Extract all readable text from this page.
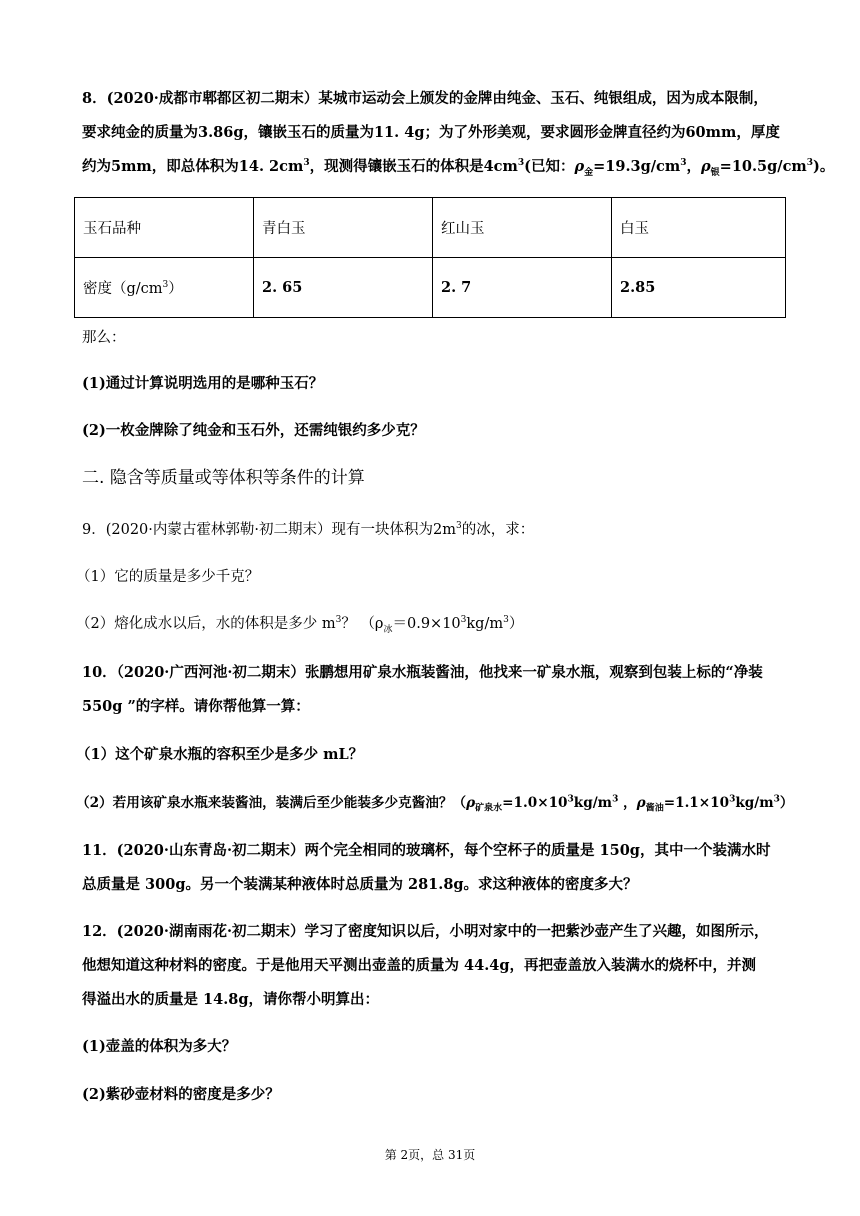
8．(2020·成都市郫都区初二期末）某城市运动会上颁发的金牌由纯金、玉石、纯银组成，因为成本限制，
要求纯金的质量为3.86g，镶嵌玉石的质量为11. 4g；为了外形美观，要求圆形金牌直径约为60mm，厚度
约为5mm，即总体积为14. $2cm^3$，现测得镶嵌玉石的体积是$4cm^3$(已知：$\rho_金=19.3g/cm^3$，$\rho_银=10.5g/cm^3$)。
玉石品种	青白玉	红山玉	白玉
密度$(g/cm^3)$	2. 65	2. 7	2.85
那么：
(1)通过计算说明选用的是哪种玉石？
(2)一枚金牌除了纯金和玉石外，还需纯银约多少克？
二. 隐含等质量或等体积等条件的计算
9．(2020·内蒙古霍林郭勒·初二期末）现有一块体积为$2m^3$的冰，求：
（1）它的质量是多少千克？
（2）熔化成水以后，水的体积是多少 $m^3$？ $(\rho_冰=0.9\times 10^3kg/m^3)$
10．（2020·广西河池·初二期末）张鹏想用矿泉水瓶装酱油，他找来一矿泉水瓶，观察到包装上标的“净装
550g ”的字样。请你帮他算一算：
（1）这个矿泉水瓶的容积至少是多少 mL？
（2）若用该矿泉水瓶来装酱油，装满后至少能装多少克酱油？（$\rho_{矿泉水}=1.0\times 10^3kg/m^3$ ，$\rho_{酱油}=1.1\times 10^3kg/m^3$）
11．(2020·山东青岛·初二期末）两个完全相同的玻璃杯，每个空杯子的质量是 150g，其中一个装满水时
总质量是 300g。另一个装满某种液体时总质量为 281.8g。求这种液体的密度多大？
12．(2020·湖南雨花·初二期末）学习了密度知识以后，小明对家中的一把紫沙壶产生了兴趣，如图所示，
他想知道这种材料的密度。于是他用天平测出壶盖的质量为 44.4g，再把壶盖放入装满水的烧杯中，并测
得溢出水的质量是 14.8g，请你帮小明算出：
(1)壶盖的体积为多大？
(2)紫砂壶材料的密度是多少？
第 2页，总 31页
